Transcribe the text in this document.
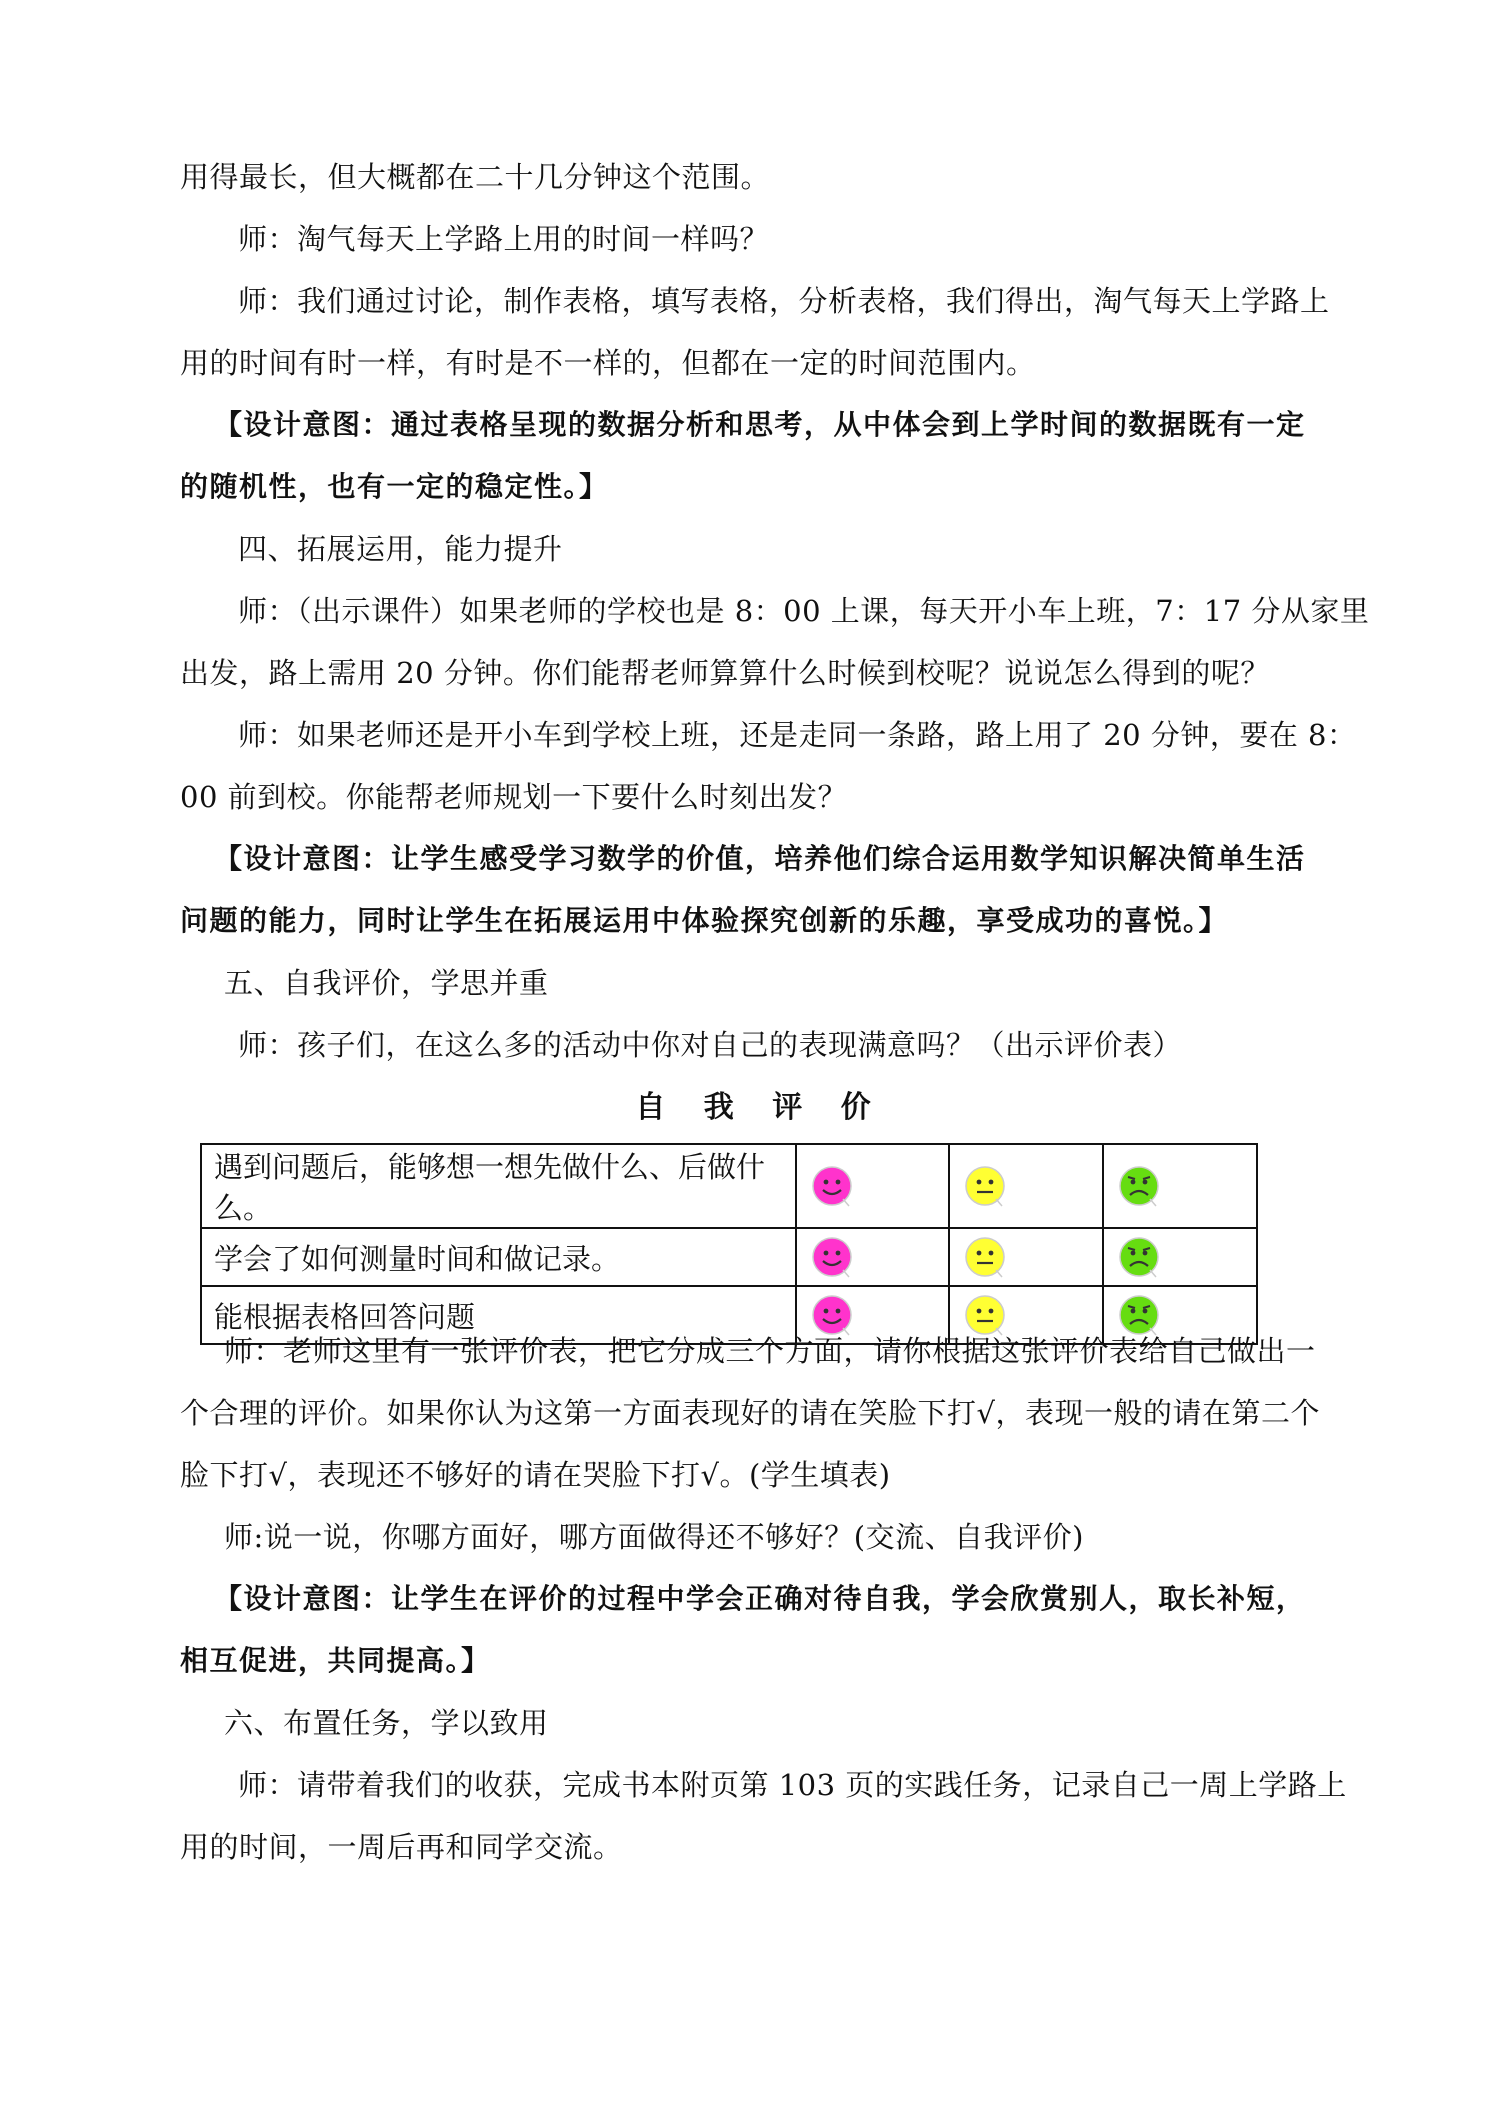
用得最长，但大概都在二十几分钟这个范围。
师：淘气每天上学路上用的时间一样吗？
师：我们通过讨论，制作表格，填写表格，分析表格，我们得出，淘气每天上学路上
用的时间有时一样，有时是不一样的，但都在一定的时间范围内。
【设计意图：通过表格呈现的数据分析和思考，从中体会到上学时间的数据既有一定
的随机性，也有一定的稳定性。】
四、拓展运用，能力提升
师：（出示课件）如果老师的学校也是 8：00 上课，每天开小车上班，7：17 分从家里
出发，路上需用 20 分钟。你们能帮老师算算什么时候到校呢？说说怎么得到的呢？
师：如果老师还是开小车到学校上班，还是走同一条路，路上用了 20 分钟，要在 8：
00 前到校。你能帮老师规划一下要什么时刻出发？
【设计意图：让学生感受学习数学的价值，培养他们综合运用数学知识解决简单生活
问题的能力，同时让学生在拓展运用中体验探究创新的乐趣，享受成功的喜悦。】
五、自我评价，学思并重
师：孩子们，在这么多的活动中你对自己的表现满意吗？（出示评价表）
自 我 评 价
遇到问题后，能够想一想先做什么、后做什么。			
学会了如何测量时间和做记录。			
能根据表格回答问题			
师：老师这里有一张评价表，把它分成三个方面，请你根据这张评价表给自己做出一
个合理的评价。如果你认为这第一方面表现好的请在笑脸下打√，表现一般的请在第二个
脸下打√，表现还不够好的请在哭脸下打√。(学生填表)
师:说一说，你哪方面好，哪方面做得还不够好？(交流、自我评价)
【设计意图：让学生在评价的过程中学会正确对待自我，学会欣赏别人，取长补短，
相互促进，共同提高。】
六、布置任务，学以致用
师：请带着我们的收获，完成书本附页第 103 页的实践任务，记录自己一周上学路上
用的时间，一周后再和同学交流。
